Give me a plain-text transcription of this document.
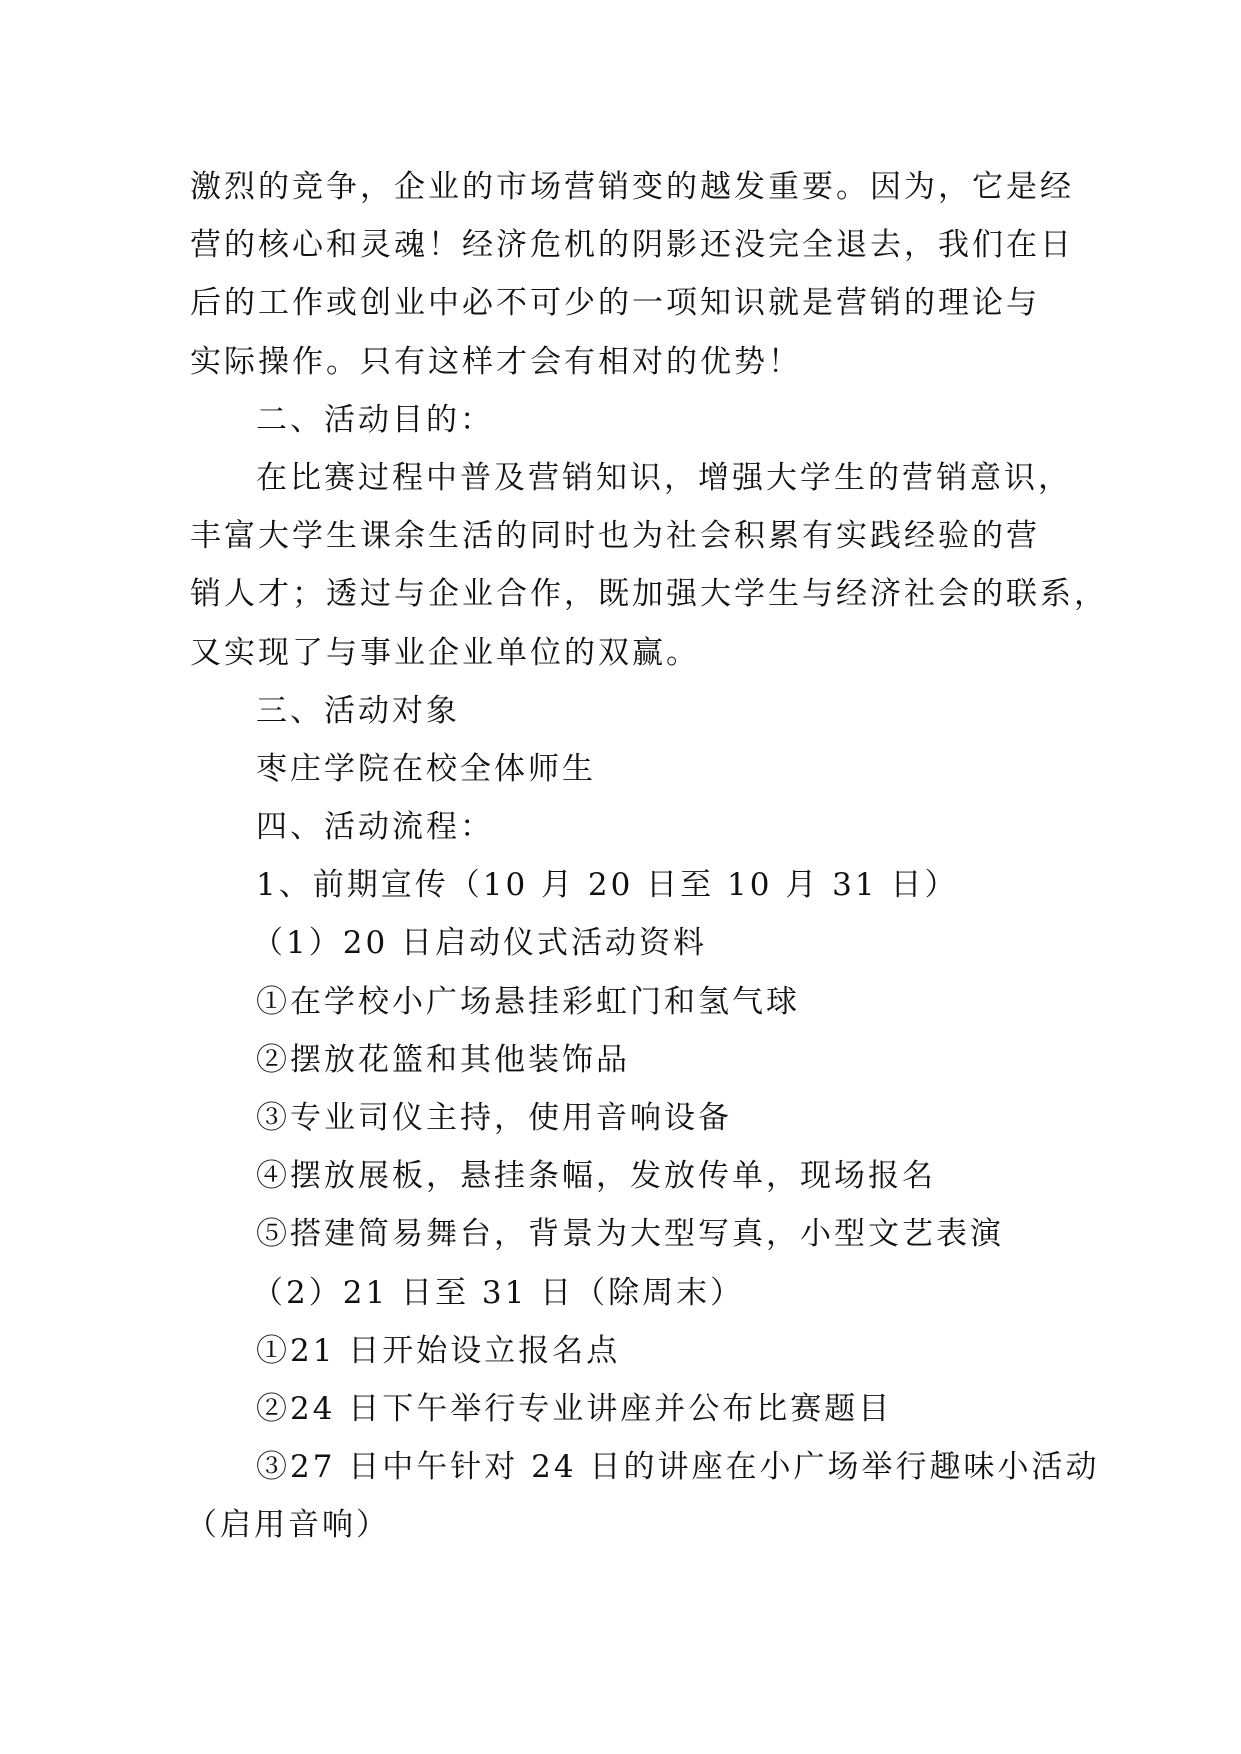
激烈的竞争，企业的市场营销变的越发重要。因为，它是经
营的核心和灵魂！经济危机的阴影还没完全退去，我们在日
后的工作或创业中必不可少的一项知识就是营销的理论与
实际操作。只有这样才会有相对的优势！
二、活动目的：
在比赛过程中普及营销知识，增强大学生的营销意识，
丰富大学生课余生活的同时也为社会积累有实践经验的营
销人才；透过与企业合作，既加强大学生与经济社会的联系，
又实现了与事业企业单位的双赢。
三、活动对象
枣庄学院在校全体师生
四、活动流程：
1、前期宣传（10 月 20 日至 10 月 31 日）
（1）20 日启动仪式活动资料
①在学校小广场悬挂彩虹门和氢气球
②摆放花篮和其他装饰品
③专业司仪主持，使用音响设备
④摆放展板，悬挂条幅，发放传单，现场报名
⑤搭建简易舞台，背景为大型写真，小型文艺表演
（2）21 日至 31 日（除周末）
①21 日开始设立报名点
②24 日下午举行专业讲座并公布比赛题目
③27 日中午针对 24 日的讲座在小广场举行趣味小活动
（启用音响）
